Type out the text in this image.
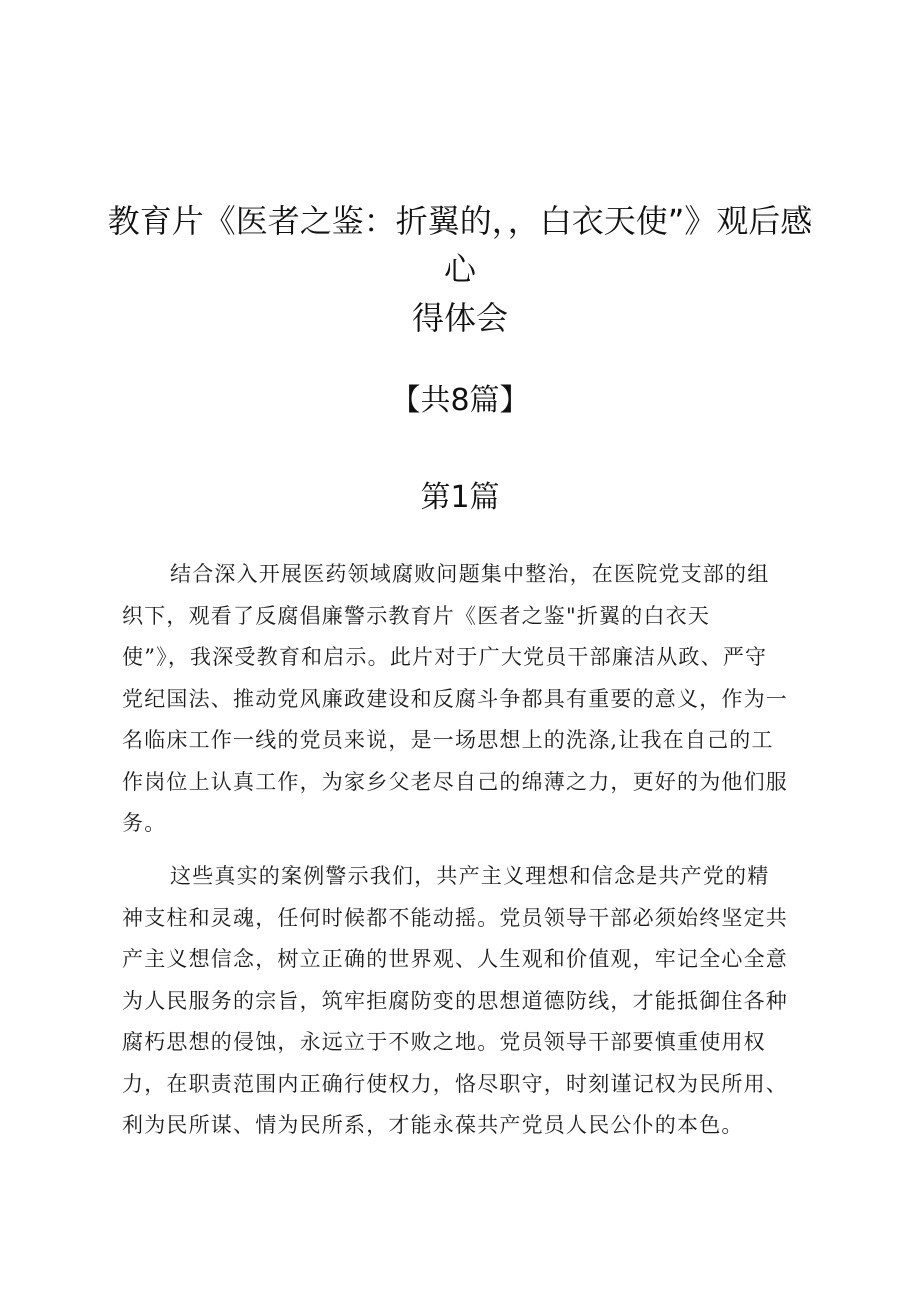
教育片《医者之鉴：折翼的，，白衣天使”》观后感
心
得体会
【共8篇】
第1篇
结合深入开展医药领域腐败问题集中整治，在医院党支部的组
织下，观看了反腐倡廉警示教育片《医者之鉴"折翼的白衣天
使”》，我深受教育和启示。此片对于广大党员干部廉洁从政、严守
党纪国法、推动党风廉政建设和反腐斗争都具有重要的意义，作为一
名临床工作一线的党员来说，是一场思想上的洗涤,让我在自己的工
作岗位上认真工作，为家乡父老尽自己的绵薄之力，更好的为他们服
务。
这些真实的案例警示我们，共产主义理想和信念是共产党的精
神支柱和灵魂，任何时候都不能动摇。党员领导干部必须始终坚定共
产主义想信念，树立正确的世界观、人生观和价值观，牢记全心全意
为人民服务的宗旨，筑牢拒腐防变的思想道德防线，才能抵御住各种
腐朽思想的侵蚀，永远立于不败之地。党员领导干部要慎重使用权
力，在职责范围内正确行使权力，恪尽职守，时刻谨记权为民所用、
利为民所谋、情为民所系，才能永葆共产党员人民公仆的本色。
